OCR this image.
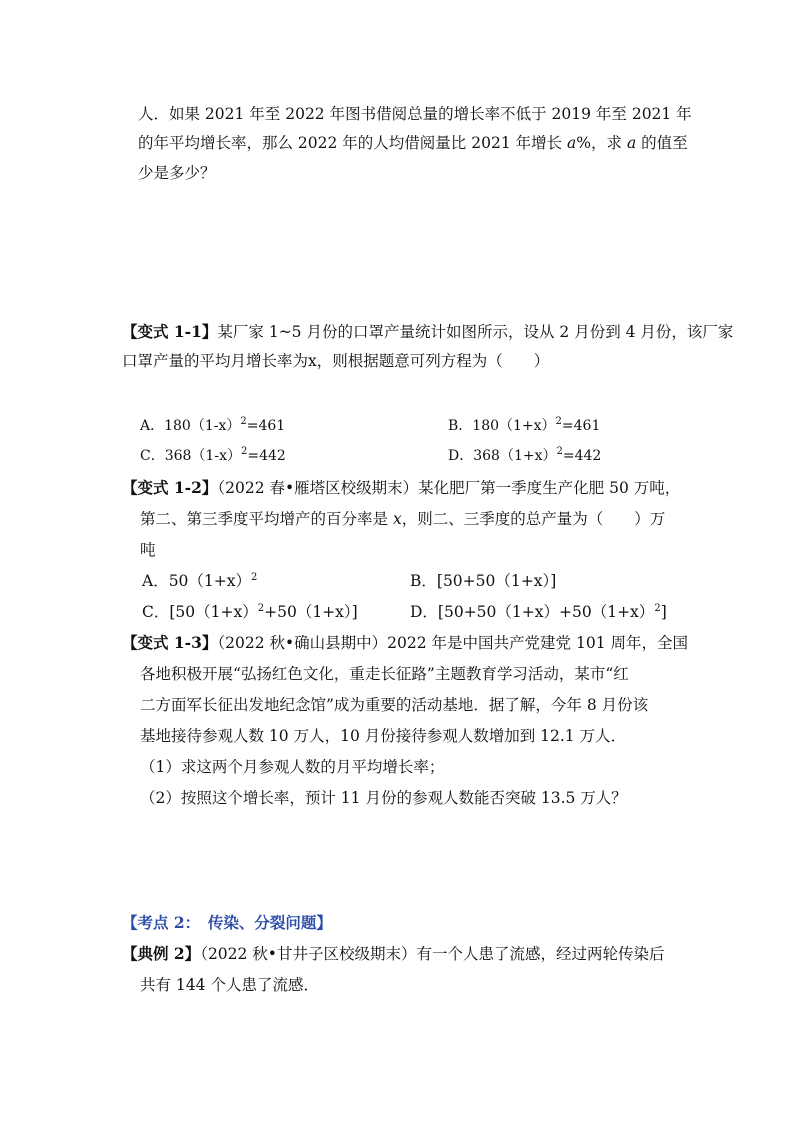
人．如果 2021 年至 2022 年图书借阅总量的增长率不低于 2019 年至 2021 年
的年平均增长率，那么 2022 年的人均借阅量比 2021 年增长 a%，求 a 的值至
少是多少？
【变式 1-1】某厂家 1~5 月份的口罩产量统计如图所示，设从 2 月份到 4 月份，该厂家
口罩产量的平均月增长率为x，则根据题意可列方程为（　　）
A．$180(1-x)^2=461$	B．$180(1+x)^2=461$
C．$368(1-x)^2=442$	D．$368(1+x)^2=442$
【变式 1-2】（2022 春•雁塔区校级期末）某化肥厂第一季度生产化肥 50 万吨，
第二、第三季度平均增产的百分率是 x，则二、三季度的总产量为（　　）万
吨
A．$50(1+x)^2$	B．[50+50（1+x）]
C．$[50(1+x)^2+50(1+x)]$	D．$[50+50(1+x)+50(1+x)^2]$
【变式 1-3】（2022 秋•确山县期中）2022 年是中国共产党建党 101 周年，全国
各地积极开展“弘扬红色文化，重走长征路”主题教育学习活动，某市“红
二方面军长征出发地纪念馆”成为重要的活动基地．据了解，今年 8 月份该
基地接待参观人数 10 万人，10 月份接待参观人数增加到 12.1 万人．
（1）求这两个月参观人数的月平均增长率；
（2）按照这个增长率，预计 11 月份的参观人数能否突破 13.5 万人？
【考点 2：　传染、分裂问题】
【典例 2】（2022 秋•甘井子区校级期末）有一个人患了流感，经过两轮传染后
共有 144 个人患了流感．
